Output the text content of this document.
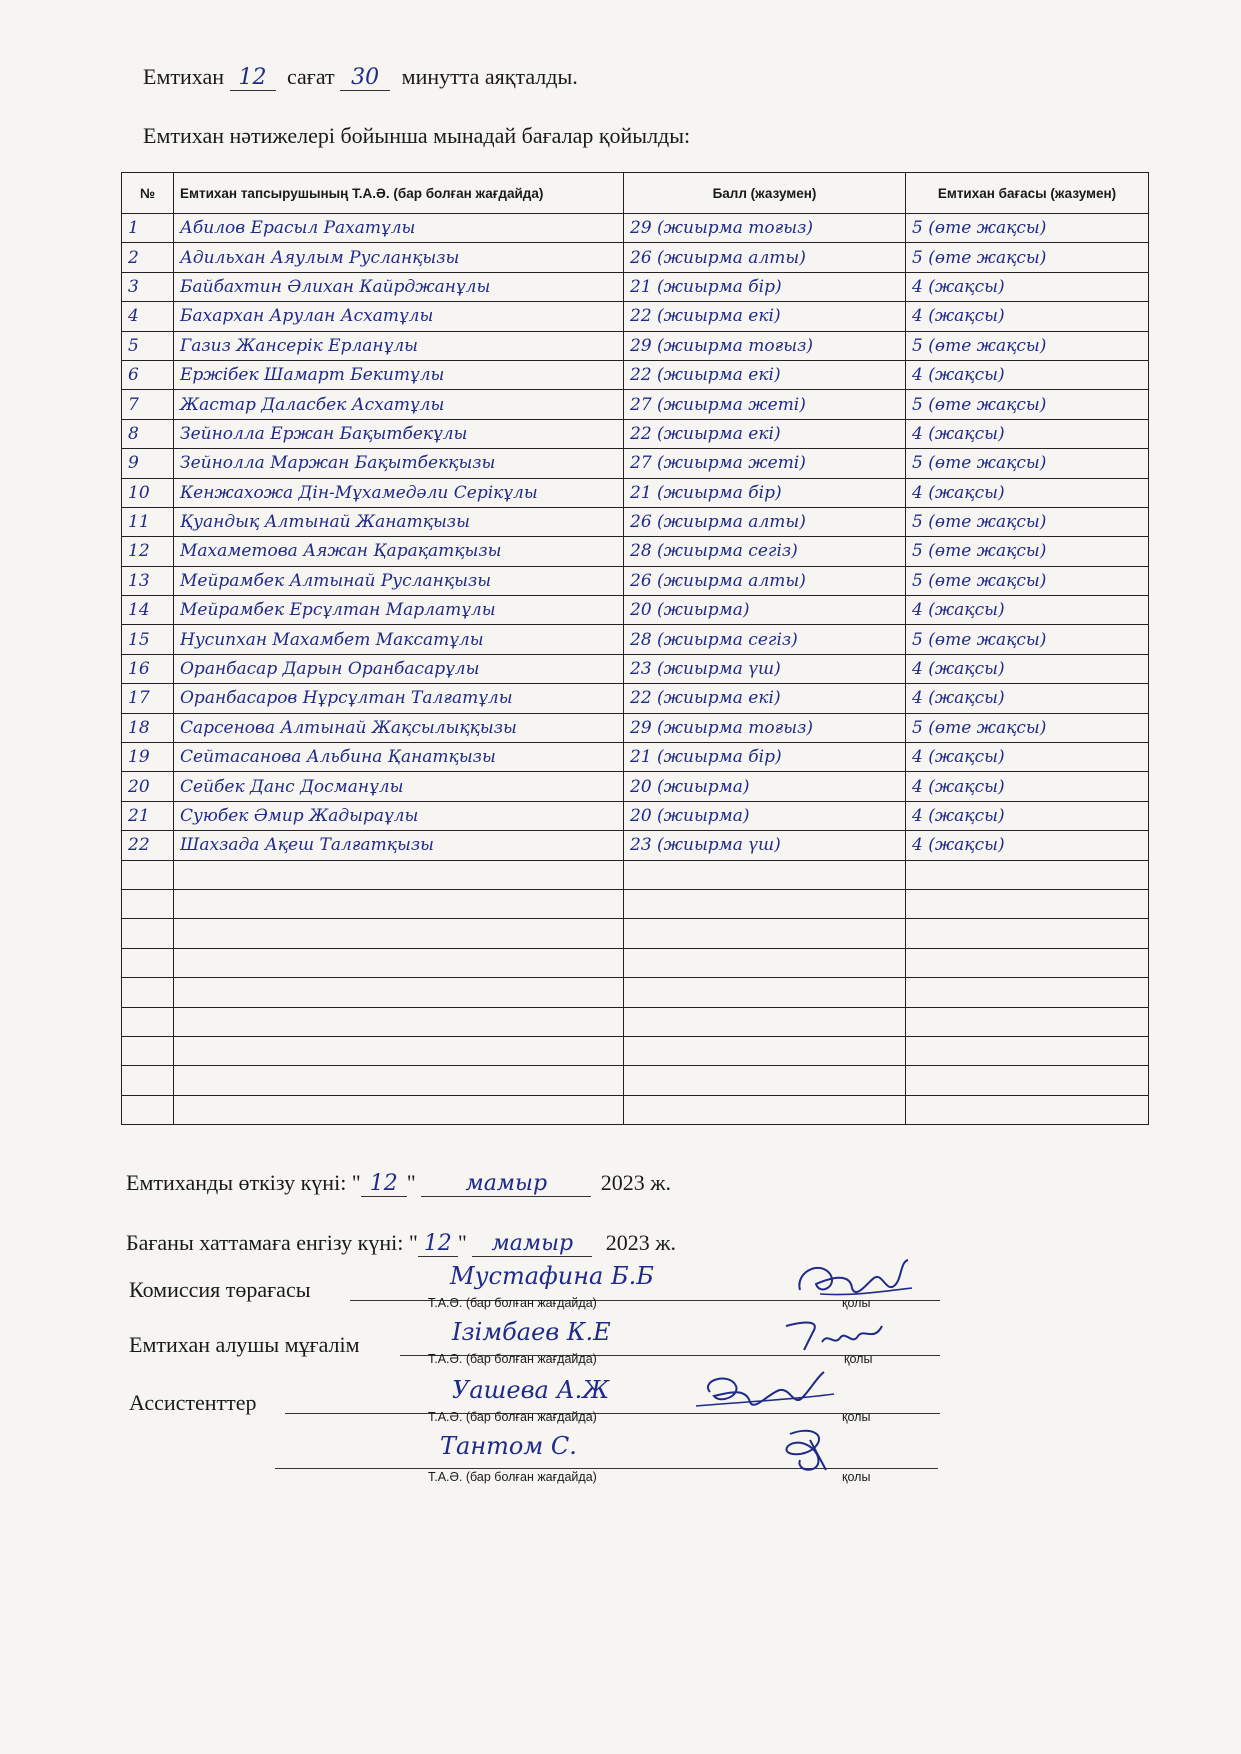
Емтихан 12 сағат 30 минутта аяқталды.
Емтихан нәтижелері бойынша мынадай бағалар қойылды:
№	Емтихан тапсырушының Т.А.Ә. (бар болған жағдайда)	Балл (жазумен)	Емтихан бағасы (жазумен)
1	Абилов Ерасыл Рахатұлы	29 (жиырма тоғыз)	5 (өте жақсы)
2	Адильхан Аяулым Русланқызы	26 (жиырма алты)	5 (өте жақсы)
3	Байбахтин Әлихан Кайрджанұлы	21 (жиырма бір)	4 (жақсы)
4	Бахархан Арулан Асхатұлы	22 (жиырма екі)	4 (жақсы)
5	Газиз Жансерік Ерланұлы	29 (жиырма тоғыз)	5 (өте жақсы)
6	Ержібек Шамарт Бекитұлы	22 (жиырма екі)	4 (жақсы)
7	Жастар Даласбек Асхатұлы	27 (жиырма жеті)	5 (өте жақсы)
8	Зейнолла Ержан Бақытбекұлы	22 (жиырма екі)	4 (жақсы)
9	Зейнолла Маржан Бақытбекқызы	27 (жиырма жеті)	5 (өте жақсы)
10	Кенжахожа Дін-Мұхамедәли Серікұлы	21 (жиырма бір)	4 (жақсы)
11	Қуандық Алтынай Жанатқызы	26 (жиырма алты)	5 (өте жақсы)
12	Махаметова Аяжан Қарақатқызы	28 (жиырма сегіз)	5 (өте жақсы)
13	Мейрамбек Алтынай Русланқызы	26 (жиырма алты)	5 (өте жақсы)
14	Мейрамбек Ерсұлтан Марлатұлы	20 (жиырма)	4 (жақсы)
15	Нусипхан Махамбет Максатұлы	28 (жиырма сегіз)	5 (өте жақсы)
16	Оранбасар Дарын Оранбасарұлы	23 (жиырма үш)	4 (жақсы)
17	Оранбасаров Нұрсұлтан Талғатұлы	22 (жиырма екі)	4 (жақсы)
18	Сарсенова Алтынай Жақсылыққызы	29 (жиырма тоғыз)	5 (өте жақсы)
19	Сейтасанова Альбина Қанатқызы	21 (жиырма бір)	4 (жақсы)
20	Сейбек Данс Досманұлы	20 (жиырма)	4 (жақсы)
21	Суюбек Әмир Жадыраұлы	20 (жиырма)	4 (жақсы)
22	Шахзада Ақеш Талғатқызы	23 (жиырма үш)	4 (жақсы)

Емтиханды өткізу күні: " 12 " мамыр 2023 ж.
Бағаны хаттамаға енгізу күні: " 12 " мамыр 2023 ж.
Комиссия төрағасы	Мустафина Б.Б
Т.А.Ә. (бар болған жағдайда)	қолы
Емтихан алушы мұғалім	Ізімбаев К.Е
Т.А.Ә. (бар болған жағдайда)	қолы
Ассистенттер	Уашева А.Ж
Т.А.Ә. (бар болған жағдайда)	қолы
Тантом С.
Т.А.Ә. (бар болған жағдайда)	қолы
